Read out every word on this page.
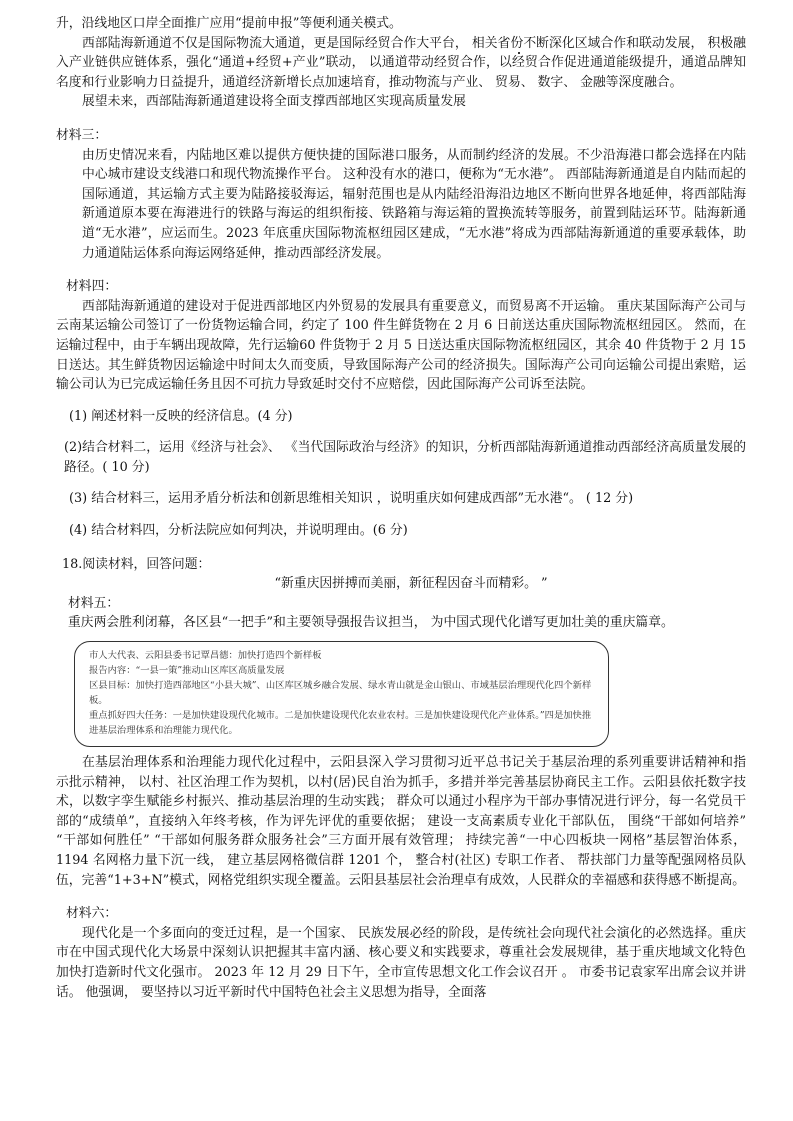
升，沿线地区口岸全面推广应用“提前申报”等便利通关模式。

西部陆海新通道不仅是国际物流大通道，更是国际经贸合作大平台， 相关省份不断深化区域合作和联动发展， 积极融入产业链供应链体系，强化“通道+经贸+产业”联动， 以通道带动经贸合作，以经贸合作促进通道能级提升，通道品牌知名度和行业影响力日益提升，通道经济新增长点加速培育，推动物流与产业、 贸易、 数字、 金融等深度融合。

展望未来，西部陆海新通道建设将全面支撑西部地区实现高质量发展

材料三：

由历史情况来看，内陆地区难以提供方便快捷的国际港口服务，从而制约经济的发展。不少沿海港口都会选择在内陆中心城市建设支线港口和现代物流操作平台。 这种没有水的港口，便称为“无水港”。 西部陆海新通道是自内陆而起的国际通道，其运输方式主要为陆路接驳海运，辐射范围也是从内陆经沿海沿边地区不断向世界各地延伸，将西部陆海新通道原本要在海港进行的铁路与海运的组织衔接、铁路箱与海运箱的置换流转等服务，前置到陆运环节。陆海新通道“无水港”，应运而生。2023 年底重庆国际物流枢纽园区建成，“无水港”将成为西部陆海新通道的重要承载体，助力通道陆运体系向海运网络延伸，推动西部经济发展。

材料四：

西部陆海新通道的建设对于促进西部地区内外贸易的发展具有重要意义，而贸易离不开运输。 重庆某国际海产公司与云南某运输公司签订了一份货物运输合同，约定了 100 件生鲜货物在 2 月 6 日前送达重庆国际物流枢纽园区。 然而，在运输过程中，由于车辆出现故障，先行运输60 件货物于 2 月 5 日送达重庆国际物流枢纽园区，其余 40 件货物于 2 月 15 日送达。其生鲜货物因运输途中时间太久而变质，导致国际海产公司的经济损失。国际海产公司向运输公司提出索赔，运输公司认为已完成运输任务且因不可抗力导致延时交付不应赔偿，因此国际海产公司诉至法院。

(1) 阐述材料一反映的经济信息。(4 分)

(2)结合材料二，运用《经济与社会》、 《当代国际政治与经济》的知识，分析西部陆海新通道推动西部经济高质量发展的路径。( 10 分)

(3) 结合材料三，运用矛盾分析法和创新思维相关知识 ，说明重庆如何建成西部”无水港“。 ( 12 分)

(4) 结合材料四，分析法院应如何判决，并说明理由。(6 分)

18.阅读材料，回答问题：

“新重庆因拼搏而美丽，新征程因奋斗而精彩。 ”

材料五：

重庆两会胜利闭幕，各区县“一把手”和主要领导强报告议担当， 为中国式现代化谱写更加壮美的重庆篇章。

市人大代表、云阳县委书记覃昌德：加快打造四个新样板

报告内容：“一县一策”推动山区库区高质量发展

区县目标：加快打造西部地区“小县大城”、山区库区城乡融合发展、绿水青山就是金山银山、市域基层治理现代化四个新样板。

重点抓好四大任务：一是加快建设现代化城市。二是加快建设现代化农业农村。三是加快建设现代化产业体系。”四是加快推进基层治理体系和治理能力现代化。

在基层治理体系和治理能力现代化过程中，云阳县深入学习贯彻习近平总书记关于基层治理的系列重要讲话精神和指示批示精神， 以村、社区治理工作为契机，以村(居)民自治为抓手，多措并举完善基层协商民主工作。云阳县依托数字技术，以数字孪生赋能乡村振兴、推动基层治理的生动实践； 群众可以通过小程序为干部办事情况进行评分，每一名党员干部的“成绩单”，直接纳入年终考核，作为评先评优的重要依据； 建设一支高素质专业化干部队伍， 围绕“干部如何培养” “干部如何胜任” “干部如何服务群众服务社会”三方面开展有效管理； 持续完善“一中心四板块一网格”基层智治体系，1194 名网格力量下沉一线， 建立基层网格微信群 1201 个， 整合村(社区) 专职工作者、 帮扶部门力量等配强网格员队伍，完善“1+3+N”模式，网格党组织实现全覆盖。云阳县基层社会治理卓有成效，人民群众的幸福感和获得感不断提高。

材料六：

现代化是一个多面向的变迁过程，是一个国家、 民族发展必经的阶段，是传统社会向现代社会演化的必然选择。重庆市在中国式现代化大场景中深刻认识把握其丰富内涵、核心要义和实践要求，尊重社会发展规律，基于重庆地域文化特色加快打造新时代文化强市。 2023 年 12 月 29 日下午，全市宣传思想文化工作会议召开 。 市委书记袁家军出席会议并讲话。 他强调， 要坚持以习近平新时代中国特色社会主义思想为指导，全面落
